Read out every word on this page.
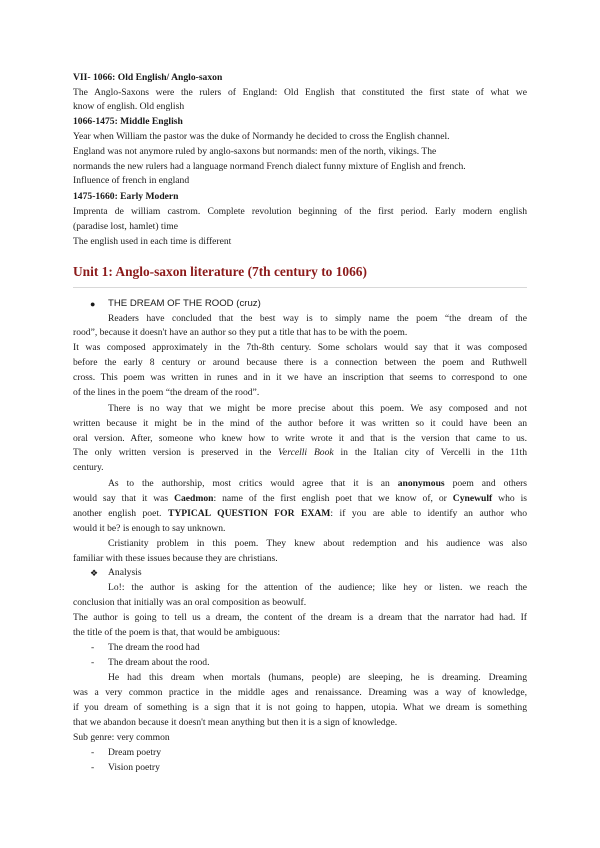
VII- 1066: Old English/ Anglo-saxon
The Anglo-Saxons were the rulers of England: Old English that constituted the first state of what we
know of english. Old english
1066-1475: Middle English
Year when William the pastor was the duke of Normandy he decided to cross the English channel.
England was not anymore ruled by anglo-saxons but normands: men of the north, vikings. The
normands the new rulers had a language normand French dialect funny mixture of English and french.
Influence of french in england
1475-1660: Early Modern
Imprenta de william castrom. Complete revolution beginning of the first period. Early modern english
(paradise lost, hamlet) time
The english used in each time is different
Unit 1: Anglo-saxon literature (7th century to 1066)
● THE DREAM OF THE ROOD (cruz)
Readers have concluded that the best way is to simply name the poem “the dream of the
rood”, because it doesn't have an author so they put a title that has to be with the poem.
It was composed approximately in the 7th-8th century. Some scholars would say that it was composed
before the early 8 century or around because there is a connection between the poem and Ruthwell
cross. This poem was written in runes and in it we have an inscription that seems to correspond to one
of the lines in the poem “the dream of the rood”.
There is no way that we might be more precise about this poem. We asy composed and not
written because it might be in the mind of the author before it was written so it could have been an
oral version. After, someone who knew how to write wrote it and that is the version that came to us.
The only written version is preserved in the Vercelli Book in the Italian city of Vercelli in the 11th
century.
As to the authorship, most critics would agree that it is an anonymous poem and others
would say that it was Caedmon: name of the first english poet that we know of, or Cynewulf who is
another english poet. TYPICAL QUESTION FOR EXAM: if you are able to identify an author who
would it be? is enough to say unknown.
Cristianity problem in this poem. They knew about redemption and his audience was also
familiar with these issues because they are christians.
❖ Analysis
Lo!: the author is asking for the attention of the audience; like hey or listen. we reach the
conclusion that initially was an oral composition as beowulf.
The author is going to tell us a dream, the content of the dream is a dream that the narrator had had. If
the title of the poem is that, that would be ambiguous:
- The dream the rood had
- The dream about the rood.
He had this dream when mortals (humans, people) are sleeping, he is dreaming. Dreaming
was a very common practice in the middle ages and renaissance. Dreaming was a way of knowledge,
if you dream of something is a sign that it is not going to happen, utopia. What we dream is something
that we abandon because it doesn't mean anything but then it is a sign of knowledge.
Sub genre: very common
- Dream poetry
- Vision poetry
